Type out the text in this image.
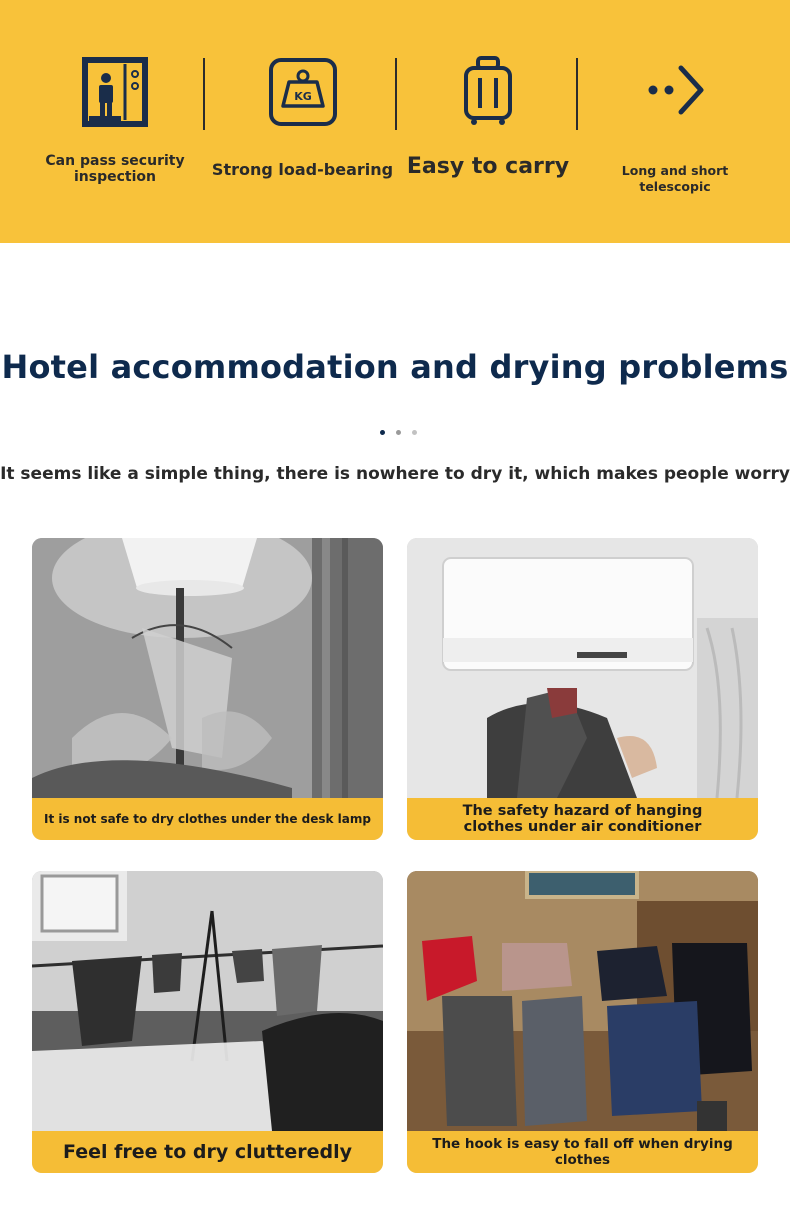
Can pass security inspection
KG
Strong load-bearing Easy to carry	Long and short telescopic
Hotel accommodation and drying problems
It seems like a simple thing, there is nowhere to dry it, which makes people worry
It is not safe to dry clothes under the desk lamp	The safety hazard of hanging clothes under air conditioner
Feel free to dry clutteredly	The hook is easy to fall off when drying clothes
